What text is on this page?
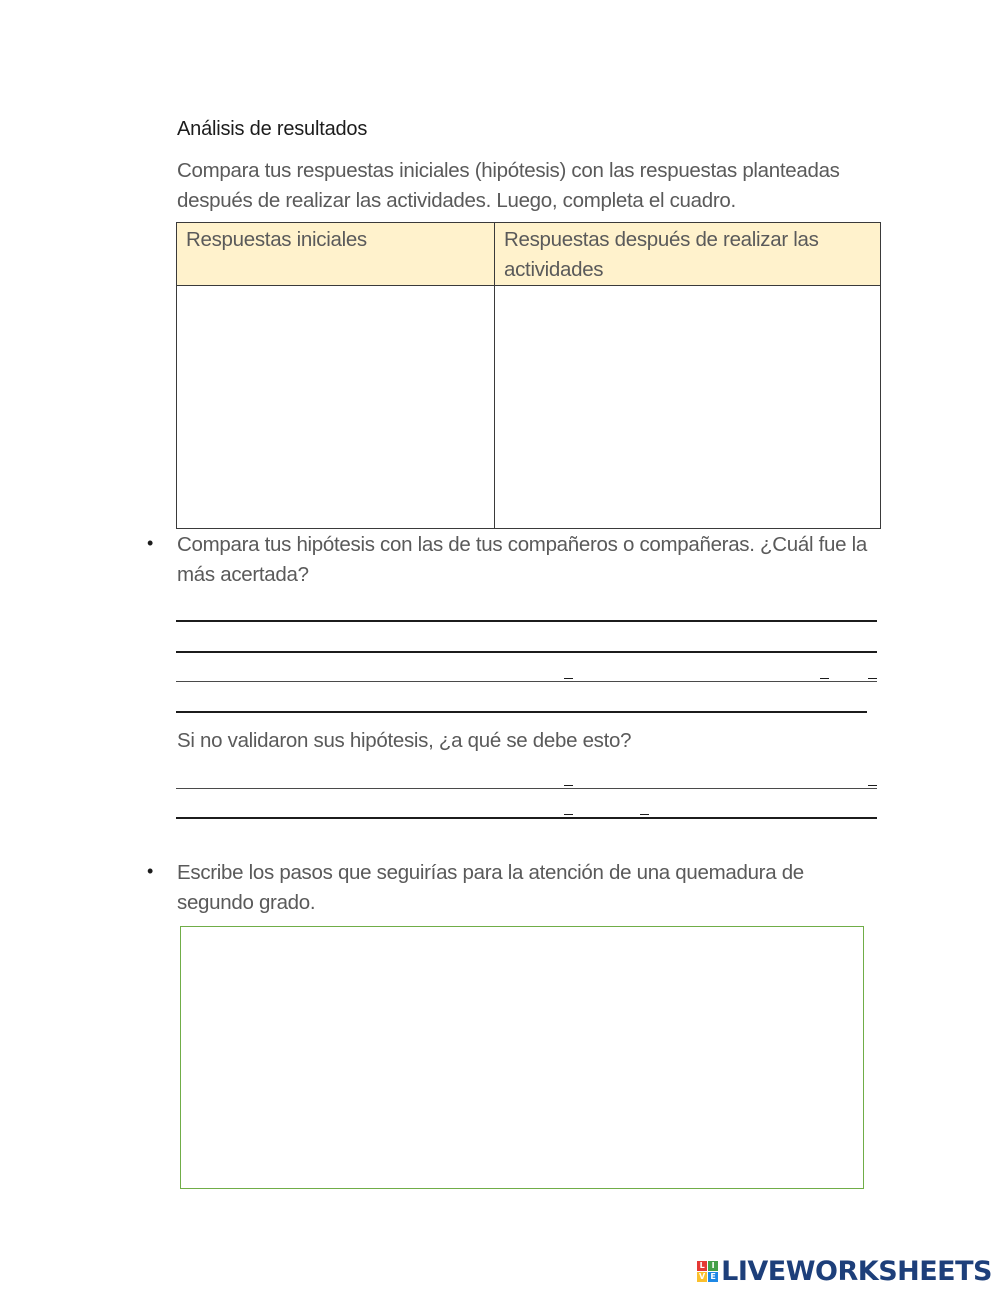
Análisis de resultados
Compara tus respuestas iniciales (hipótesis) con las respuestas planteadas después de realizar las actividades. Luego, completa el cuadro.
Respuestas iniciales	Respuestas después de realizar las actividades

• Compara tus hipótesis con las de tus compañeros o compañeras. ¿Cuál fue la más acertada?
Si no validaron sus hipótesis, ¿a qué se debe esto?
• Escribe los pasos que seguirías para la atención de una quemadura de segundo grado.
L I
V E LIVEWORKSHEETS
